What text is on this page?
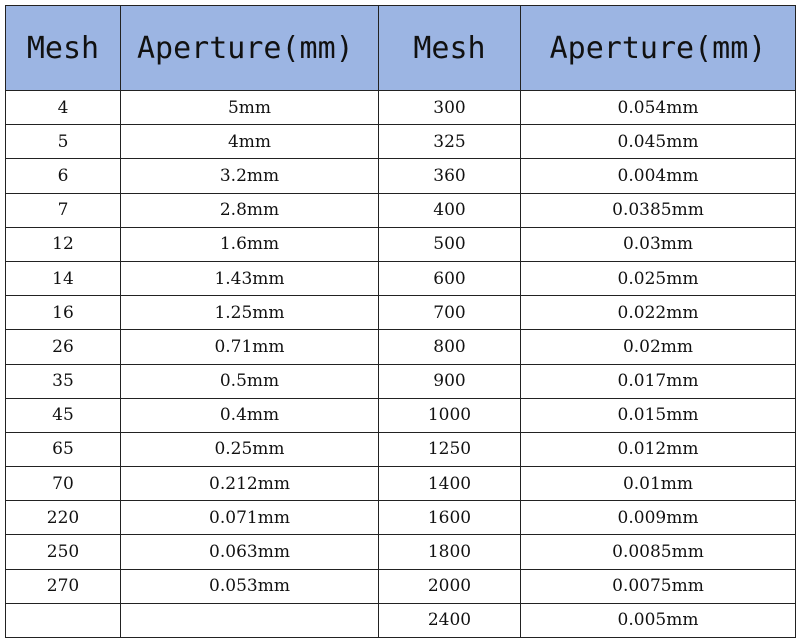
Mesh	Aperture(mm)	Mesh	Aperture(mm)
4	5mm	300	0.054mm
5	4mm	325	0.045mm
6	3.2mm	360	0.004mm
7	2.8mm	400	0.0385mm
12	1.6mm	500	0.03mm
14	1.43mm	600	0.025mm
16	1.25mm	700	0.022mm
26	0.71mm	800	0.02mm
35	0.5mm	900	0.017mm
45	0.4mm	1000	0.015mm
65	0.25mm	1250	0.012mm
70	0.212mm	1400	0.01mm
220	0.071mm	1600	0.009mm
250	0.063mm	1800	0.0085mm
270	0.053mm	2000	0.0075mm
		2400	0.005mm
